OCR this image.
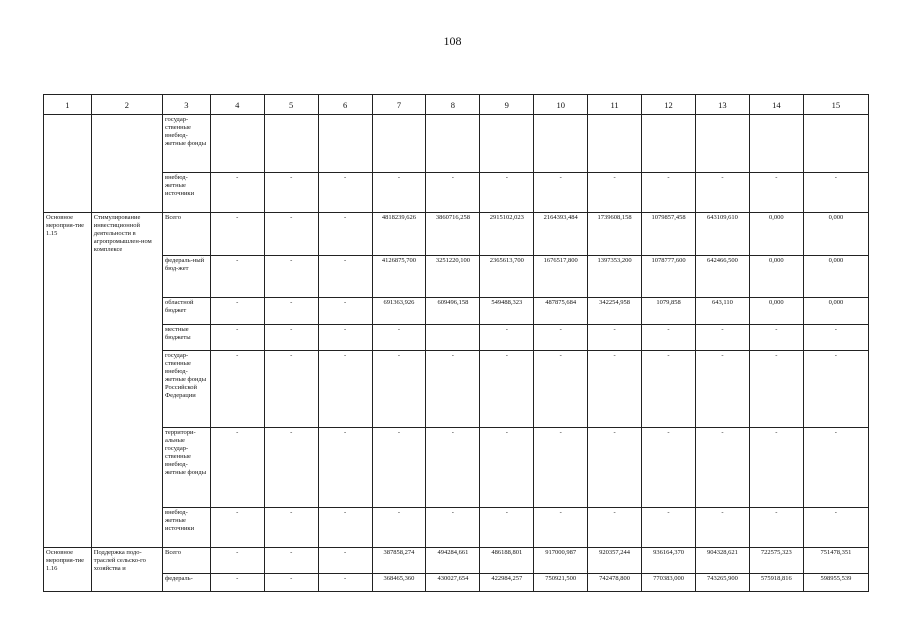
108
1	2	3	4	5	6	7	8	9	10	11	12	13	14	15
		государ-ственные внебюд-жетные фонды												
		внебюд-жетные источники	-	-	-	-	-	-	-	-	-	-	-	-
Основное мероприя-тие 1.15	Стимулирование инвестиционной деятельности в агропромышлен-ном комплексе	Всего	-	-	-	4818239,626	3860716,258	2915102,023	2164393,484	1739608,158	1079857,458	643109,610	0,000	0,000
		федераль-ный бюд-жет	-	-	-	4126875,700	3251220,100	2365613,700	1676517,800	1397353,200	1078777,600	642466,500	0,000	0,000
		областной бюджет	-	-	-	691363,926	609496,158	549488,323	487875,684	342254,958	1079,858	643,110	0,000	0,000
		местные бюджеты	-	-	-	-		-	-	-	-	-	-	-
		государ-ственные внебюд-жетные фонды Российской Федерации	-	-	-	-	-	-	-	-	-	-	-	-
		территори-альные государ-ственные внебюд-жетные фонды	-	-	-	-	-	-	-	-	-	-	-	-
		внебюд-жетные источники	-	-	-	-	-	-	-	-	-	-	-	-
Основное мероприя-тие 1.16	Поддержка подо-траслей сельско-го хозяйства и	Всего	-	-	-	387858,274	494284,661	486188,801	917000,987	920357,244	936164,370	904328,621	722575,323	751478,351
		федераль-	-	-	-	368465,360	430027,654	422984,257	750921,500	742478,800	770383,000	743265,900	575918,816	598955,539
